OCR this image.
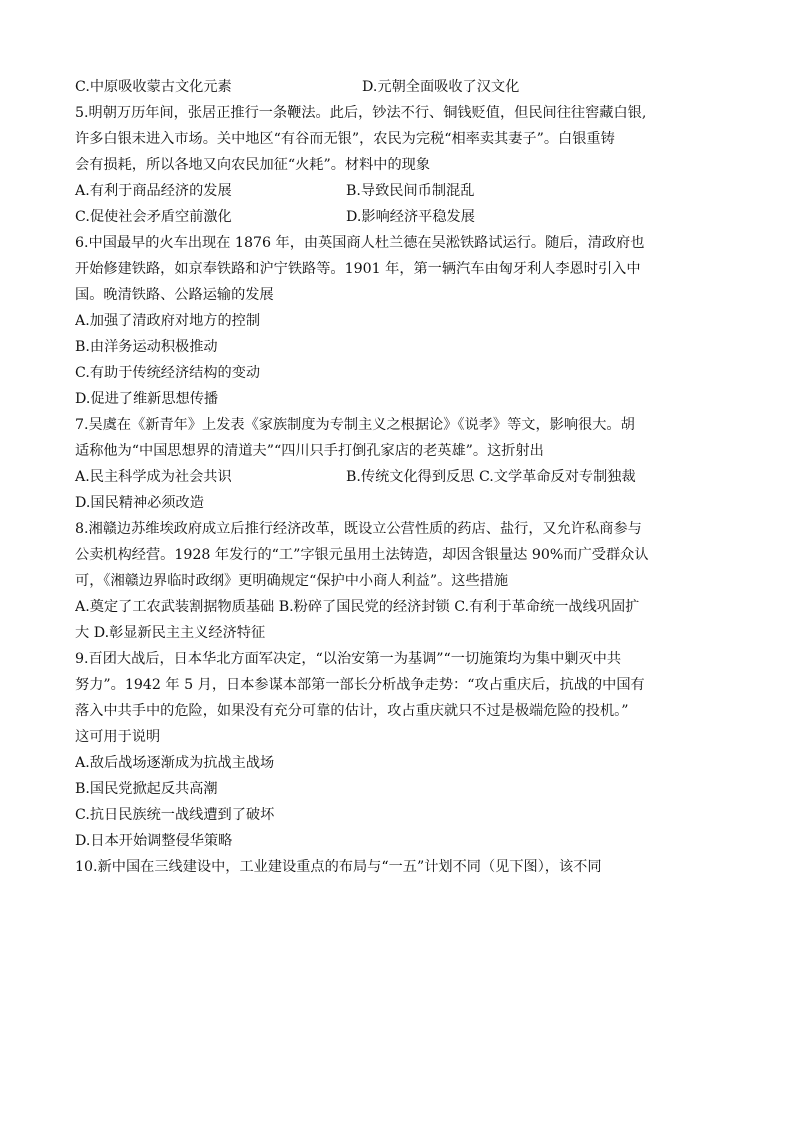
C.中原吸收蒙古文化元素	D.元朝全面吸收了汉文化
5.明朝万历年间，张居正推行一条鞭法。此后，钞法不行、铜钱贬值，但民间往往窖藏白银,
许多白银未进入市场。关中地区“有谷而无银”，农民为完税“相率卖其妻子”。白银重铸
会有损耗，所以各地又向农民加征“火耗”。材料中的现象
A.有利于商品经济的发展	B.导致民间币制混乱
C.促使社会矛盾空前激化	D.影响经济平稳发展
6.中国最早的火车出现在 1876 年，由英国商人杜兰德在吴淞铁路试运行。随后，清政府也
开始修建铁路，如京奉铁路和沪宁铁路等。1901 年，第一辆汽车由匈牙利人李恩时引入中
国。晚清铁路、公路运输的发展
A.加强了清政府对地方的控制
B.由洋务运动积极推动
C.有助于传统经济结构的变动
D.促进了维新思想传播
7.吴虞在《新青年》上发表《家族制度为专制主义之根据论》《说孝》等文，影响很大。胡
适称他为“中国思想界的清道夫”“四川只手打倒孔家店的老英雄”。这折射出
A.民主科学成为社会共识	B.传统文化得到反思 C.文学革命反对专制独裁
D.国民精神必须改造
8.湘赣边苏维埃政府成立后推行经济改革，既设立公营性质的药店、盐行，又允许私商参与
公卖机构经营。1928 年发行的“工”字银元虽用土法铸造，却因含银量达 90%而广受群众认
可，《湘赣边界临时政纲》更明确规定“保护中小商人利益”。这些措施
A.奠定了工农武装割据物质基础 B.粉碎了国民党的经济封锁 C.有利于革命统一战线巩固扩
大 D.彰显新民主主义经济特征
9.百团大战后，日本华北方面军决定，“以治安第一为基调”“一切施策均为集中剿灭中共
努力”。1942 年 5 月，日本参谋本部第一部长分析战争走势：“攻占重庆后，抗战的中国有
落入中共手中的危险，如果没有充分可靠的估计，攻占重庆就只不过是极端危险的投机。”
这可用于说明
A.敌后战场逐渐成为抗战主战场
B.国民党掀起反共高潮
C.抗日民族统一战线遭到了破坏
D.日本开始调整侵华策略
10.新中国在三线建设中，工业建设重点的布局与“一五”计划不同（见下图），该不同
